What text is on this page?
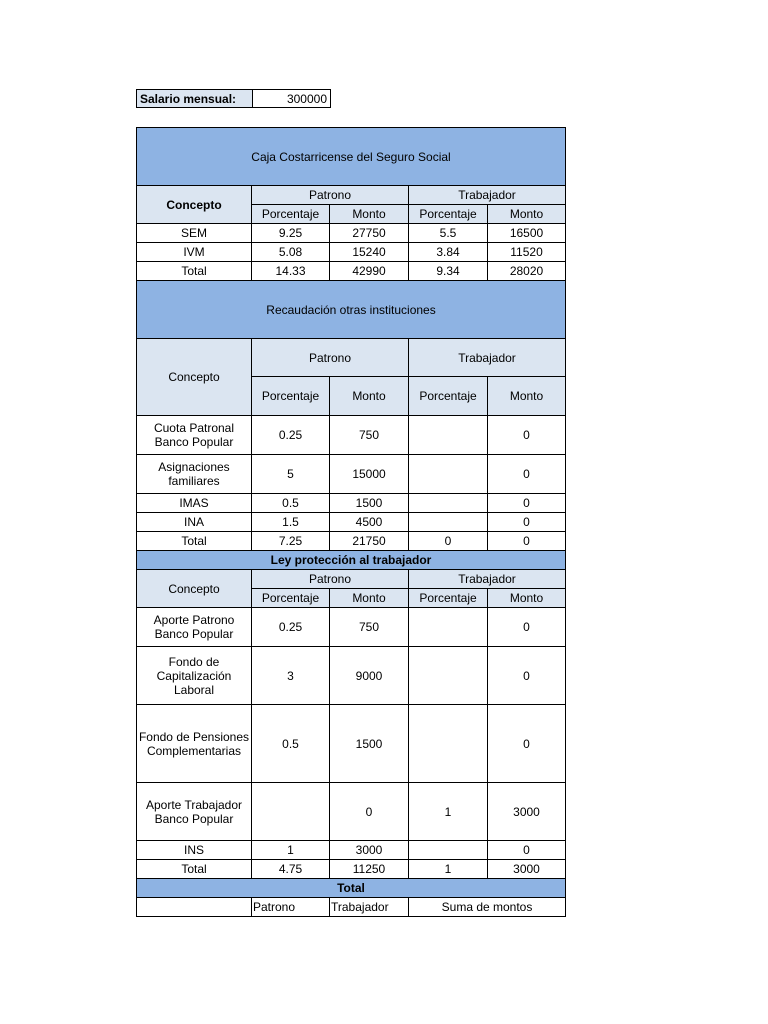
Salario mensual:	300000
Caja Costarricense del Seguro Social				
Concepto	Patrono		Trabajador	
	Porcentaje	Monto	Porcentaje	Monto
SEM	9.25	27750	5.5	16500
IVM	5.08	15240	3.84	11520
Total	14.33	42990	9.34	28020
Recaudación otras instituciones				
Concepto	Patrono		Trabajador	
	Porcentaje	Monto	Porcentaje	Monto
Cuota Patronal Banco Popular	0.25	750		0
Asignaciones familiares	5	15000		0
IMAS	0.5	1500		0
INA	1.5	4500		0
Total	7.25	21750	0	0
Ley protección al trabajador				
Concepto	Patrono		Trabajador	
	Porcentaje	Monto	Porcentaje	Monto
Aporte Patrono Banco Popular	0.25	750		0
Fondo de Capitalización Laboral	3	9000		0
Fondo de Pensiones Complementarias	0.5	1500		0
Aporte Trabajador Banco Popular		0	1	3000
INS	1	3000		0
Total	4.75	11250	1	3000
Total				
	Patrono	Trabajador	Suma de montos	
